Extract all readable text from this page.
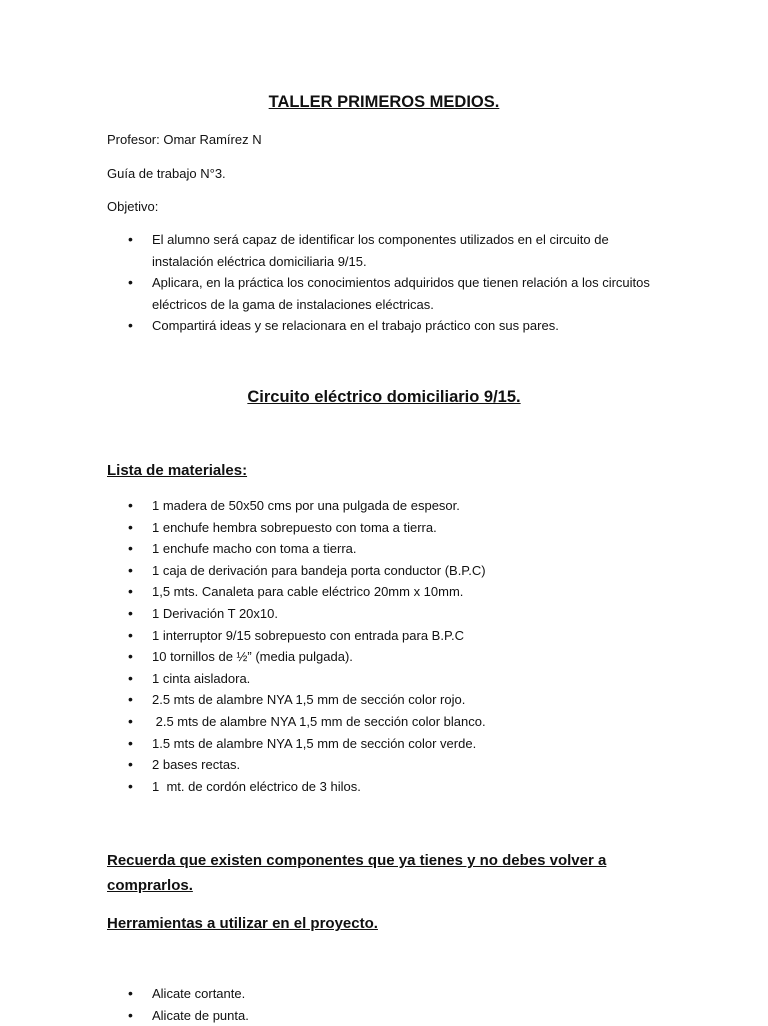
TALLER PRIMEROS MEDIOS.
Profesor: Omar Ramírez N
Guía de trabajo N°3.
Objetivo:
• El alumno será capaz de identificar los componentes utilizados en el circuito de instalación eléctrica domiciliaria 9/15.
• Aplicara, en la práctica los conocimientos adquiridos que tienen relación a los circuitos eléctricos de la gama de instalaciones eléctricas.
• Compartirá ideas y se relacionara en el trabajo práctico con sus pares.
Circuito eléctrico domiciliario 9/15.
Lista de materiales:
• 1 madera de 50x50 cms por una pulgada de espesor.
• 1 enchufe hembra sobrepuesto con toma a tierra.
• 1 enchufe macho con toma a tierra.
• 1 caja de derivación para bandeja porta conductor (B.P.C)
• 1,5 mts. Canaleta para cable eléctrico 20mm x 10mm.
• 1 Derivación T 20x10.
• 1 interruptor 9/15 sobrepuesto con entrada para B.P.C
• 10 tornillos de ½” (media pulgada).
• 1 cinta aisladora.
• 2.5 mts de alambre NYA 1,5 mm de sección color rojo.
•  2.5 mts de alambre NYA 1,5 mm de sección color blanco.
• 1.5 mts de alambre NYA 1,5 mm de sección color verde.
• 2 bases rectas.
• 1  mt. de cordón eléctrico de 3 hilos.
Recuerda que existen componentes que ya tienes y no debes volver a
comprarlos.
Herramientas a utilizar en el proyecto.
• Alicate cortante.
• Alicate de punta.
